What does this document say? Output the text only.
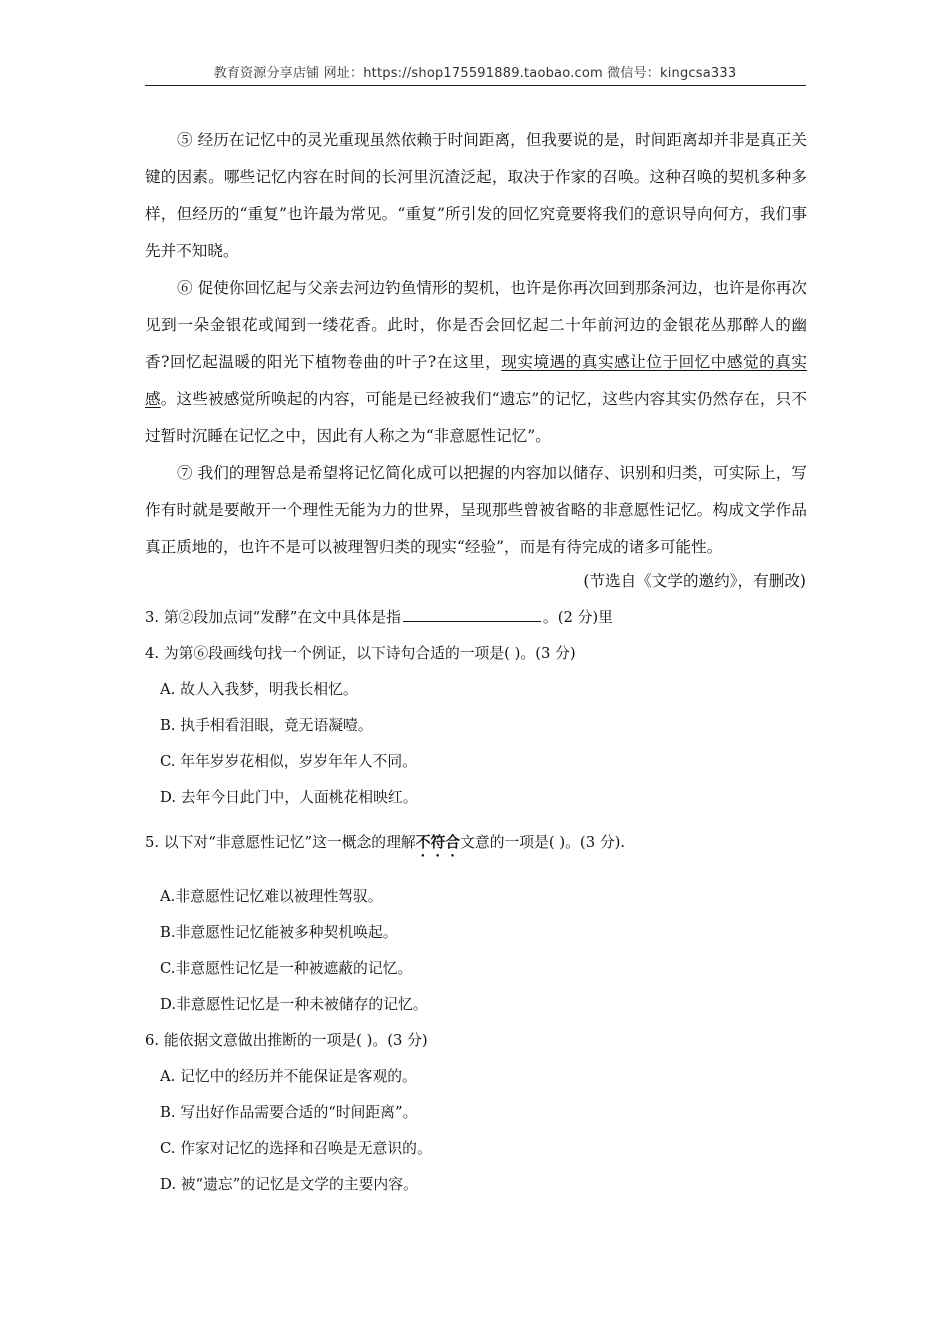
教育资源分享店铺 网址：https://shop175591889.taobao.com 微信号：kingcsa333

⑤ 经历在记忆中的灵光重现虽然依赖于时间距离，但我要说的是，时间距离却并非是真正关键的因素。哪些记忆内容在时间的长河里沉渣泛起，取决于作家的召唤。这种召唤的契机多种多样，但经历的“重复”也许最为常见。“重复”所引发的回忆究竟要将我们的意识导向何方，我们事先并不知晓。

⑥ 促使你回忆起与父亲去河边钓鱼情形的契机，也许是你再次回到那条河边，也许是你再次见到一朵金银花或闻到一缕花香。此时，你是否会回忆起二十年前河边的金银花丛那醉人的幽香?回忆起温暖的阳光下植物卷曲的叶子?在这里，现实境遇的真实感让位于回忆中感觉的真实感。这些被感觉所唤起的内容，可能是已经被我们“遗忘”的记忆，这些内容其实仍然存在，只不过暂时沉睡在记忆之中，因此有人称之为“非意愿性记忆”。

⑦ 我们的理智总是希望将记忆简化成可以把握的内容加以储存、识别和归类，可实际上，写作有时就是要敞开一个理性无能为力的世界，呈现那些曾被省略的非意愿性记忆。构成文学作品真正质地的，也许不是可以被理智归类的现实“经验”，而是有待完成的诸多可能性。

(节选自《文学的邀约》，有删改)

3. 第②段加点词“发酵”在文中具体是指	。(2 分)里

4. 为第⑥段画线句找一个例证，以下诗句合适的一项是( )。(3 分)

A. 故人入我梦，明我长相忆。

B. 执手相看泪眼，竟无语凝噎。

C. 年年岁岁花相似，岁岁年年人不同。

D. 去年今日此门中，人面桃花相映红。

5. 以下对“非意愿性记忆”这一概念的理解不符合文意的一项是( )。(3 分).

A.非意愿性记忆难以被理性驾驭。

B.非意愿性记忆能被多种契机唤起。

C.非意愿性记忆是一种被遮蔽的记忆。

D.非意愿性记忆是一种未被储存的记忆。

6. 能依据文意做出推断的一项是( )。(3 分)

A. 记忆中的经历并不能保证是客观的。

B. 写出好作品需要合适的“时间距离”。

C. 作家对记忆的选择和召唤是无意识的。

D. 被“遗忘”的记忆是文学的主要内容。
